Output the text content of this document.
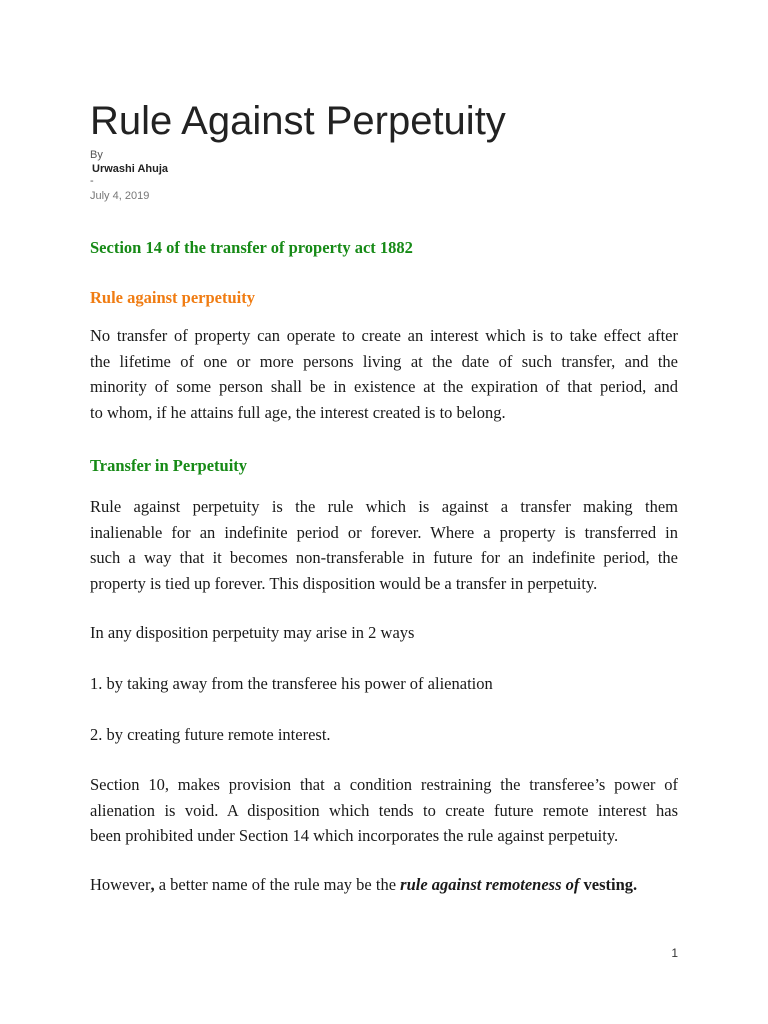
Rule Against Perpetuity
By
Urwashi Ahuja
-
July 4, 2019
Section 14 of the transfer of property act 1882
Rule against perpetuity

No transfer of property can operate to create an interest which is to take effect after
the lifetime of one or more persons living at the date of such transfer, and the
minority of some person shall be in existence at the expiration of that period, and
to whom, if he attains full age, the interest created is to belong.

Transfer in Perpetuity

Rule against perpetuity is the rule which is against a transfer making them
inalienable for an indefinite period or forever. Where a property is transferred in
such a way that it becomes non-transferable in future for an indefinite period, the
property is tied up forever. This disposition would be a transfer in perpetuity.

In any disposition perpetuity may arise in 2 ways

1. by taking away from the transferee his power of alienation

2. by creating future remote interest.

Section 10, makes provision that a condition restraining the transferee’s power of
alienation is void. A disposition which tends to create future remote interest has
been prohibited under Section 14 which incorporates the rule against perpetuity.

However, a better name of the rule may be the rule against remoteness of vesting.

1
